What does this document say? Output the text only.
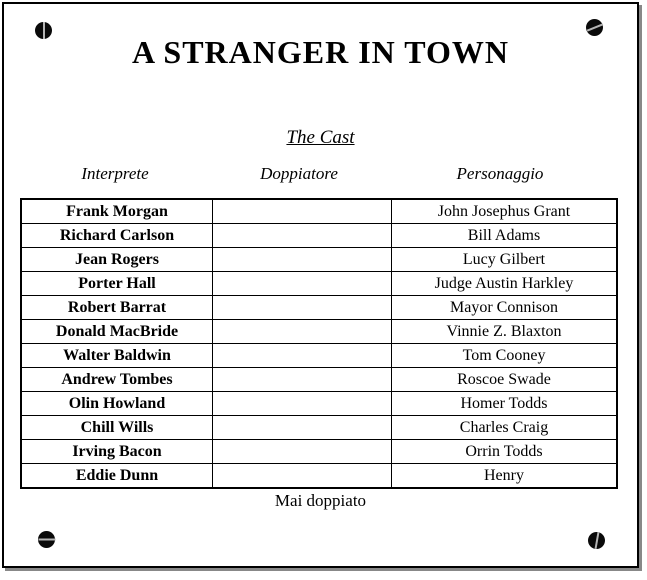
A STRANGER IN TOWN
The Cast
Interprete	Doppiatore	Personaggio
Frank Morgan		John Josephus Grant
Richard Carlson		Bill Adams
Jean Rogers		Lucy Gilbert
Porter Hall		Judge Austin Harkley
Robert Barrat		Mayor Connison
Donald MacBride		Vinnie Z. Blaxton
Walter Baldwin		Tom Cooney
Andrew Tombes		Roscoe Swade
Olin Howland		Homer Todds
Chill Wills		Charles Craig
Irving Bacon		Orrin Todds
Eddie Dunn		Henry

Mai doppiato
